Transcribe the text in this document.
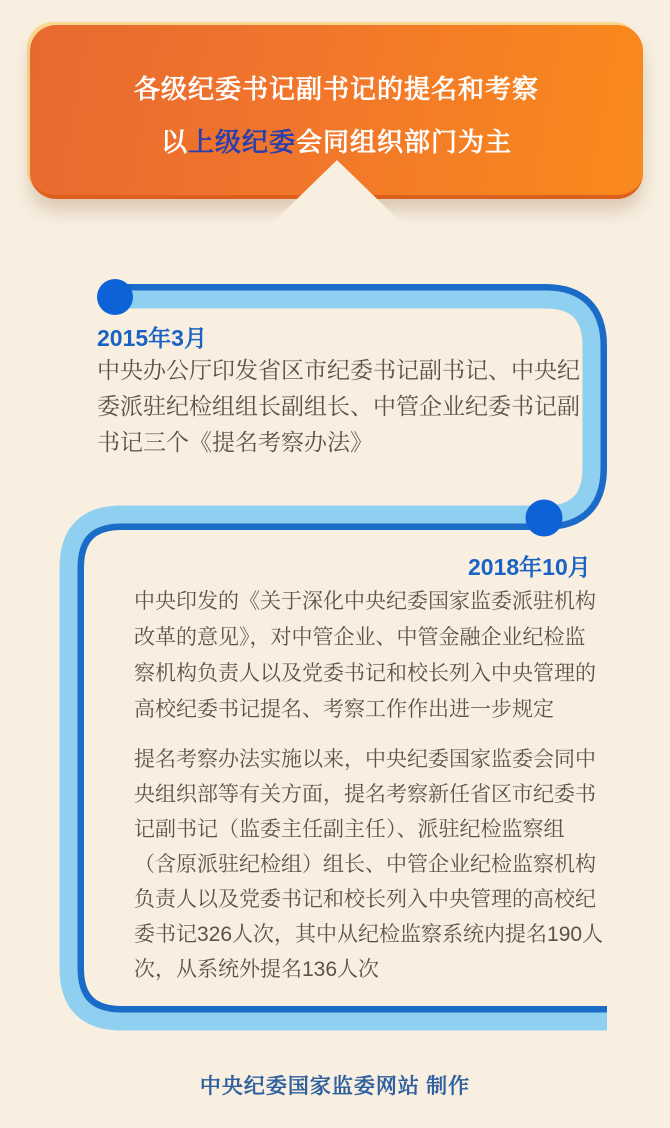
各级纪委书记副书记的提名和考察
以上级纪委会同组织部门为主
2015年3月
中央办公厅印发省区市纪委书记副书记、中央纪
委派驻纪检组组长副组长、中管企业纪委书记副
书记三个《提名考察办法》
2018年10月
中央印发的《关于深化中央纪委国家监委派驻机构
改革的意见》，对中管企业、中管金融企业纪检监
察机构负责人以及党委书记和校长列入中央管理的
高校纪委书记提名、考察工作作出进一步规定
提名考察办法实施以来，中央纪委国家监委会同中
央组织部等有关方面，提名考察新任省区市纪委书
记副书记（监委主任副主任）、派驻纪检监察组
（含原派驻纪检组）组长、中管企业纪检监察机构
负责人以及党委书记和校长列入中央管理的高校纪
委书记326人次，其中从纪检监察系统内提名190人
次，从系统外提名136人次
中央纪委国家监委网站 制作
